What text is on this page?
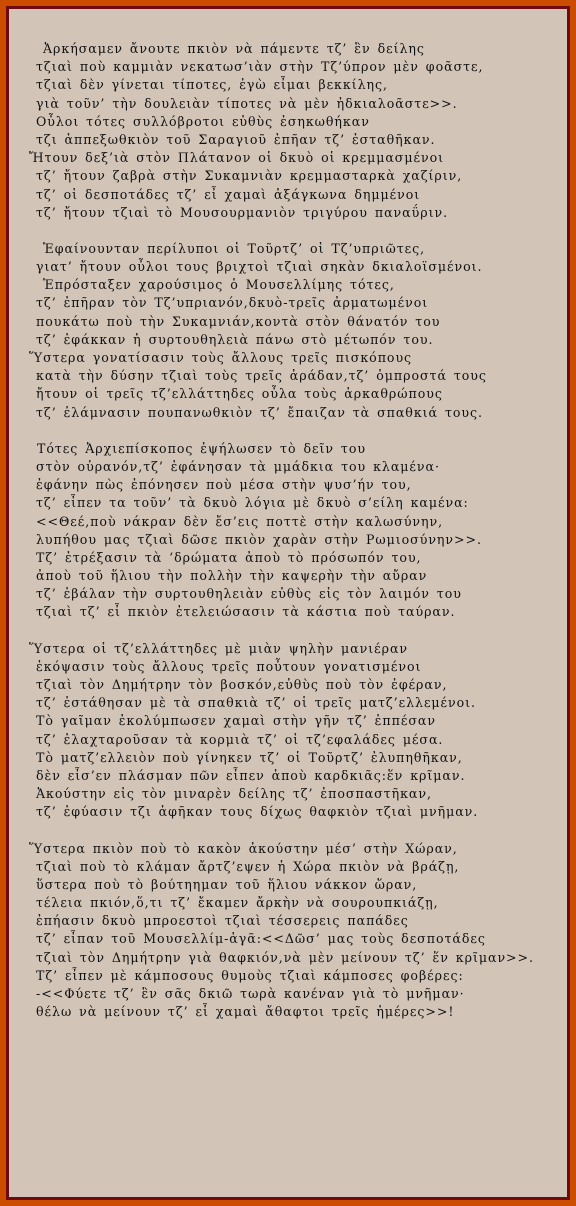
Ἀρκήσαμεν ἄνουτε πκιὸν νὰ πάμεντε τζ’ ἓν δείλης
τζιαὶ ποὺ καμμιὰν νεκατωσ’ιὰν στὴν Τζ’ύπρον μὲν φοᾶστε,
τζιαὶ δὲν γίνεται τίποτες, ἐγὼ εἶμαι βεκκίλης,
γιὰ τοῦν’ τὴν δουλειὰν τίποτες νὰ μὲν ἠδκιαλοᾶστε>>.
Οὖλοι τότες συλλόβροτοι εὐθὺς ἐσηκωθήκαν
τζι ἀππεξωθκιὸν τοῦ Σαραγιοῦ ἐπῆαν τζ’ ἐσταθῆκαν.
Ἤτουν δεξ’ιὰ στὸν Πλάτανον οἱ δκυὸ οἱ κρεμμασμένοι
τζ’ ἤτουν ζαβρὰ στὴν Συκαμνιὰν κρεμμασταρκὰ χαζίριν,
τζ’ οἱ δεσποτάδες τζ’ εἶ χαμαὶ ἀξάγκωνα δημμένοι
τζ’ ἤτουν τζιαὶ τὸ Μουσουρμανιὸν τριγύρου παναΰριν.
Ἐφαίνουνταν περίλυποι οἱ Τοῦρτζ’ οἱ Τζ’υπριῶτες,
γιατ’ ἤτουν οὖλοι τους βριχτοὶ τζιαὶ σηκὰν δκιαλοϊσμένοι.
Ἐπρόσταξεν χαρούσιμος ὁ Μουσελλίμης τότες,
τζ’ ἐπῆραν τὸν Τζ’υπριανόν,δκυὸ-τρεῖς ἀρματωμένοι
πουκάτω ποὺ τὴν Συκαμνιάν,κοντὰ στὸν θάνατόν του
τζ’ ἐφάκκαν ἡ συρτουθηλειὰ πάνω στὸ μέτωπόν του.
Ὕστερα γονατίσασιν τοὺς ἄλλους τρεῖς πισκόπους
κατὰ τὴν δύσην τζιαὶ τοὺς τρεῖς ἀράδαν,τζ’ ὀμπροστά τους
ἤτουν οἱ τρεῖς τζ’ελλάττηδες οὖλα τοὺς ἀρκαθρώπους
τζ’ ἐλάμνασιν πουπανωθκιὸν τζ’ ἔπαιζαν τὰ σπαθκιά τους.
Τότες Ἀρχιεπίσκοπος ἐψήλωσεν τὸ δεῖν του
στὸν οὐρανόν,τζ’ ἐφάνησαν τὰ μμάδκια του κλαμένα·
ἐφάνην πὼς ἐπόνησεν ποὺ μέσα στὴν ψυσ’ήν του,
τζ’ εἶπεν τα τοῦν’ τὰ δκυὸ λόγια μὲ δκυὸ σ’είλη καμένα:
<<Θεέ,ποὺ νάκραν δὲν ἔσ’εις ποττὲ στὴν καλωσύνην,
λυπήθου μας τζιαὶ δῶσε πκιὸν χαρὰν στὴν Ρωμιοσύνην>>.
Τζ’ ἐτρέξασιν τὰ ‘δρώματα ἀποὺ τὸ πρόσωπόν του,
ἀποὺ τοῦ ἥλιου τὴν πολλὴν τὴν καψερὴν τὴν αὔραν
τζ’ ἐβάλαν τὴν συρτουθηλειὰν εὐθὺς εἰς τὸν λαιμόν του
τζιαὶ τζ’ εἶ πκιὸν ἐτελειώσασιν τὰ κάστια ποὺ ταύραν.
Ὕστερα οἱ τζ’ελλάττηδες μὲ μιὰν ψηλὴν μανιέραν
ἐκόψασιν τοὺς ἄλλους τρεῖς ποὖτουν γονατισμένοι
τζιαὶ τὸν Δημήτρην τὸν βοσκόν,εὐθὺς ποὺ τὸν ἐφέραν,
τζ’ ἐστάθησαν μὲ τὰ σπαθκιὰ τζ’ οἱ τρεῖς ματζ’ελλεμένοι.
Τὸ γαῖμαν ἐκολύμπωσεν χαμαὶ στὴν γῆν τζ’ ἐππέσαν
τζ’ ἐλαχταροῦσαν τὰ κορμιὰ τζ’ οἱ τζ’εφαλάδες μέσα.
Τὸ ματζ’ελλειὸν ποὺ γίνηκεν τζ’ οἱ Τοῦρτζ’ ἐλυπηθῆκαν,
δὲν εἶσ’εν πλάσμαν πῶν εἶπεν ἀποὺ καρδκιᾶς:ἕν κρῖμαν.
Ἀκούστην εἰς τὸν μιναρὲν δείλης τζ’ ἐποσπαστῆκαν,
τζ’ ἐφύασιν τζι ἀφῆκαν τους δίχως θαφκιὸν τζιαὶ μνῆμαν.
Ὕστερα πκιὸν ποὺ τὸ κακὸν ἀκούστην μέσ’ στὴν Χώραν,
τζιαὶ ποὺ τὸ κλάμαν ἄρτζ’εψεν ἡ Χώρα πκιὸν νὰ βράζῃ,
ὕστερα ποὺ τὸ βούτηημαν τοῦ ἥλιου νάκκον ὥραν,
τέλεια πκιόν,ὅ,τι τζ’ ἔκαμεν ἄρκὴν νὰ σουρουπκιάζῃ,
ἐπήασιν δκυὸ μπροεστοὶ τζιαὶ τέσσερεις παπάδες
τζ’ εἶπαν τοῦ Μουσελλίμ-ἀγᾶ:<<Δῶσ’ μας τοὺς δεσποτάδες
τζιαὶ τὸν Δημήτρην γιὰ θαφκιόν,νὰ μὲν μείνουν τζ’ ἕν κρῖμαν>>.
Τζ’ εἶπεν μὲ κάμποσους θυμοὺς τζιαὶ κάμποσες φοβέρες:
-<<Φύετε τζ’ ἓν σᾶς δκιῶ τωρὰ κανέναν γιὰ τὸ μνῆμαν·
θέλω νὰ μείνουν τζ’ εἶ χαμαὶ ἄθαφτοι τρεῖς ἡμέρες>>!
